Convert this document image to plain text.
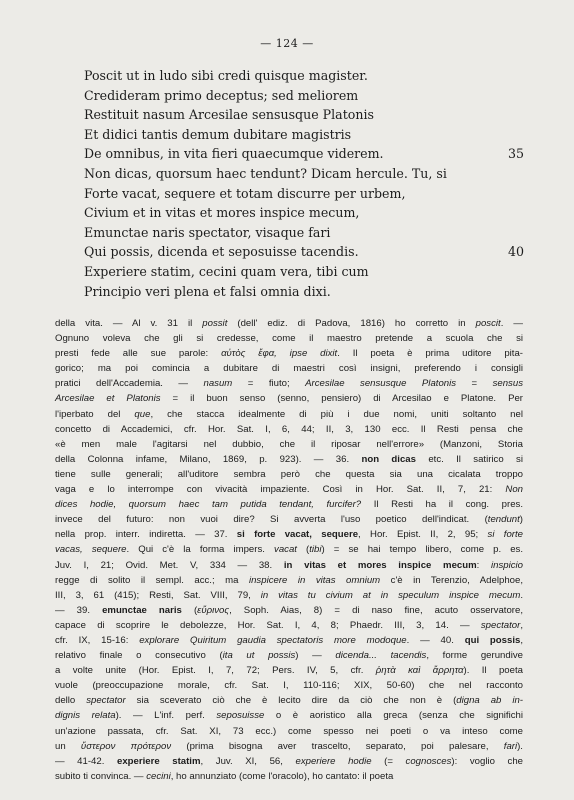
— 124 —
Poscit ut in ludo sibi credi quisque magister.
Credideram primo deceptus; sed meliorem
Restituit nasum Arcesilae sensusque Platonis
Et didici tantis demum dubitare magistris
De omnibus, in vita fieri quaecumque viderem.	35
Non dicas, quorsum haec tendunt? Dicam hercule. Tu, si
Forte vacat, sequere et totam discurre per urbem,
Civium et in vitas et mores inspice mecum,
Emunctae naris spectator, visaque fari
Qui possis, dicenda et seposuisse tacendis.	40
Experiere statim, cecini quam vera, tibi cum
Principio veri plena et falsi omnia dixi.
della vita. — Al v. 31 il possit (dell' ediz. di Padova, 1816) ho corretto in poscit. —
Ognuno voleva che gli si credesse, come il maestro pretende a scuola che si
presti fede alle sue parole: αὐτὸς ἔφα, ipse dixit. Il poeta è prima uditore pita-
gorico; ma poi comincia a dubitare di maestri così insigni, preferendo i consigli
pratici dell'Accademia. — nasum = fiuto; Arcesilae sensusque Platonis = sensus
Arcesilae et Platonis = il buon senso (senno, pensiero) di Arcesilao e Platone. Per
l'iperbato del que, che stacca idealmente di più i due nomi, uniti soltanto nel
concetto di Accademici, cfr. Hor. Sat. I, 6, 44; II, 3, 130 ecc. Il Resti pensa che
«è men male l'agitarsi nel dubbio, che il riposar nell'errore» (Manzoni, Storia
della Colonna infame, Milano, 1869, p. 923). — 36. non dicas etc. Il satirico si
tiene sulle generali; all'uditore sembra però che questa sia una cicalata troppo
vaga e lo interrompe con vivacità impaziente. Così in Hor. Sat. II, 7, 21: Non
dices hodie, quorsum haec tam putida tendant, furcifer? Il Resti ha il cong. pres.
invece del futuro: non vuoi dire? Si avverta l'uso poetico dell'indicat. (tendunt)
nella prop. interr. indiretta. — 37. si forte vacat, sequere, Hor. Epist. II, 2, 95; si forte
vacas, sequere. Qui c'è la forma impers. vacat (tibi) = se hai tempo libero, come p. es.
Juv. I, 21; Ovid. Met. V, 334 — 38. in vitas et mores inspice mecum: inspicio
regge di solito il sempl. acc.; ma inspicere in vitas omnium c'è in Terenzio, Adelphoe,
III, 3, 61 (415); Resti, Sat. VIII, 79, in vitas tu civium at in speculum inspice mecum.
— 39. emunctae naris (εὔρινος, Soph. Aias, 8) = di naso fine, acuto osservatore,
capace di scoprire le debolezze, Hor. Sat. I, 4, 8; Phaedr. III, 3, 14. — spectator,
cfr. IX, 15-16: explorare Quiritum gaudia spectatoris more modoque. — 40. qui possis,
relativo finale o consecutivo (ita ut possis) — dicenda... tacendis, forme gerundive
a volte unite (Hor. Epist. I, 7, 72; Pers. IV, 5, cfr. ῥητὰ καὶ ἄρρητα). Il poeta
vuole (preoccupazione morale, cfr. Sat. I, 110-116; XIX, 50-60) che nel racconto
dello spectator sia sceverato ciò che è lecito dire da ciò che non è (digna ab in-
dignis relata). — L'inf. perf. seposuisse o è aoristico alla greca (senza che significhi
un'azione passata, cfr. Sat. XI, 73 ecc.) come spesso nei poeti o va inteso come
un ὕστερον πρότερον (prima bisogna aver trascelto, separato, poi palesare, fari).
— 41-42. experiere statim, Juv. XI, 56, experiere hodie (= cognosces): voglio che
subito ti convinca. — cecini, ho annunziato (come l'oracolo), ho cantato: il poeta
